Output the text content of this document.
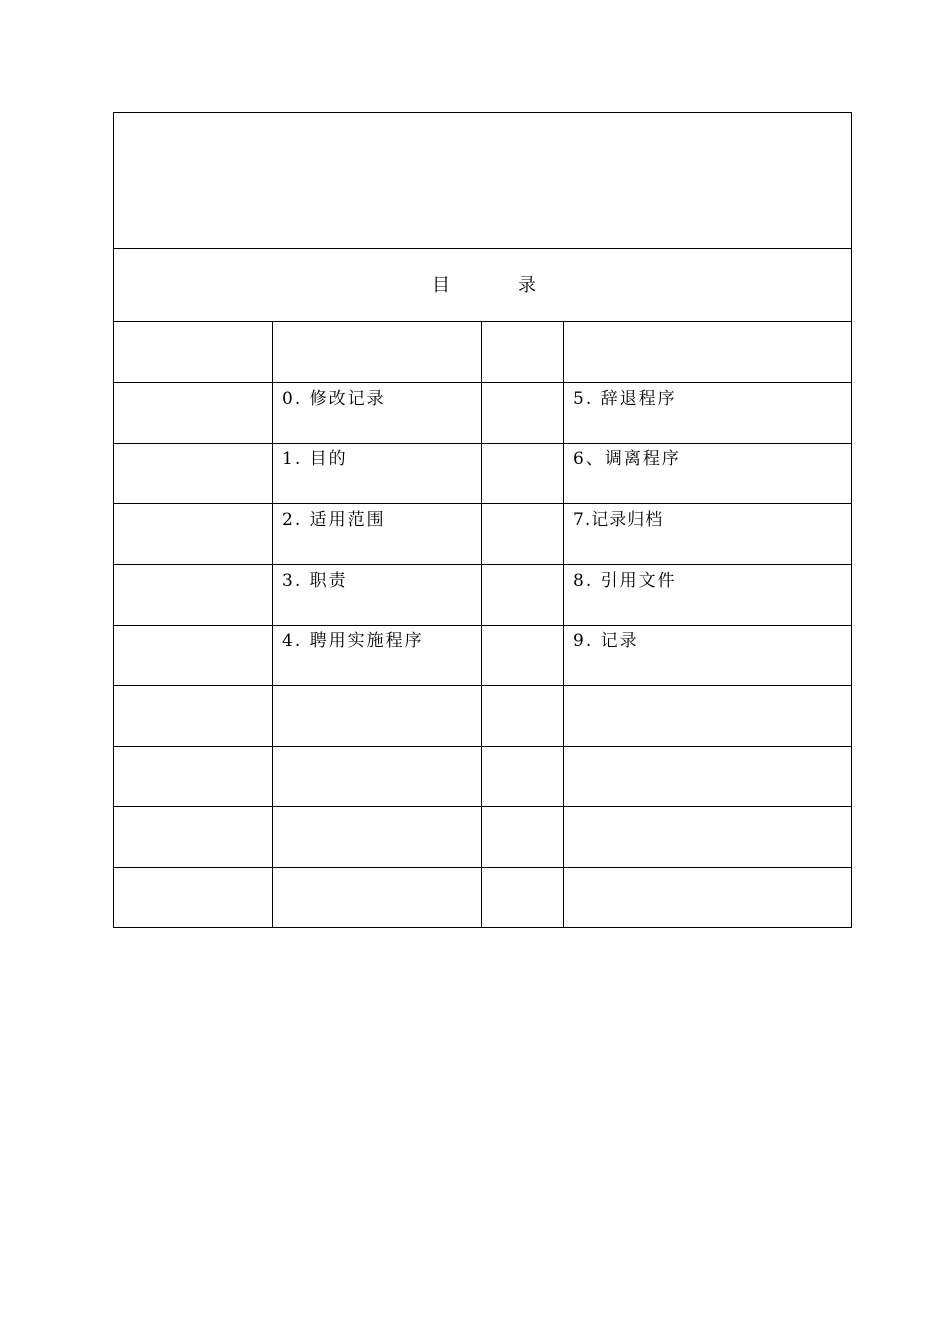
目	录
0. 修改记录	5. 辞退程序
1. 目的	6、调离程序
2. 适用范围	7.记录归档
3. 职责	8. 引用文件
4. 聘用实施程序	9. 记录
